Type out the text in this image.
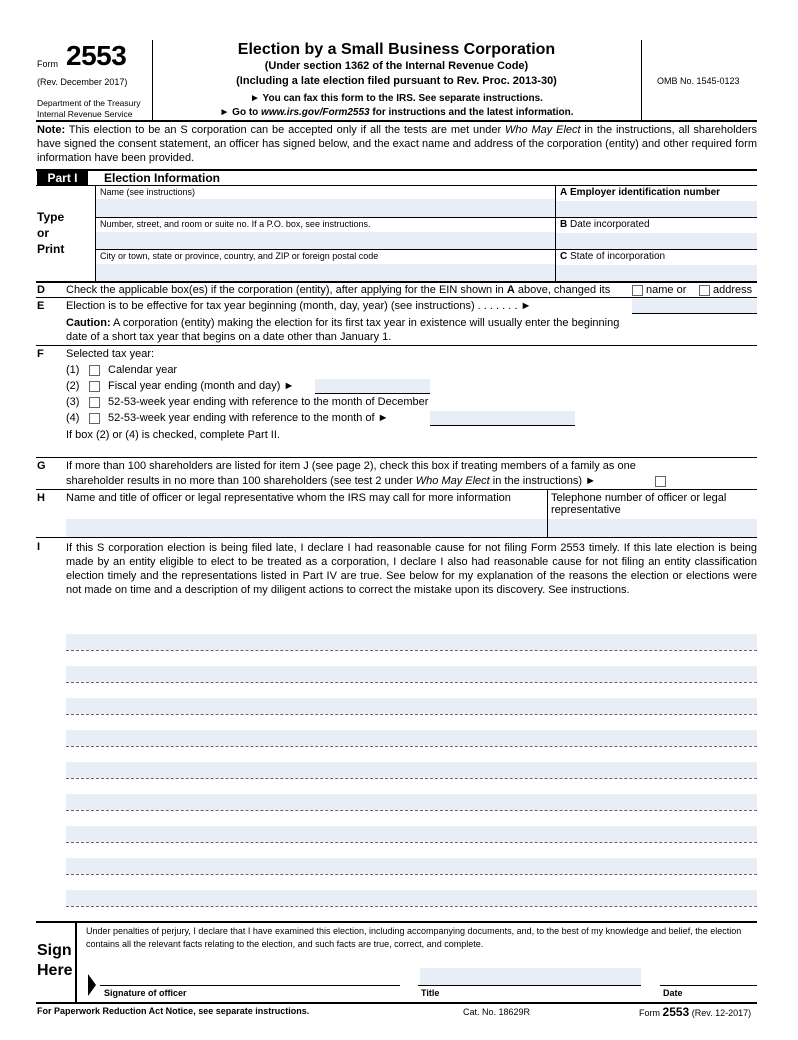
Form 2553
(Rev. December 2017)
Department of the Treasury
Internal Revenue Service
Election by a Small Business Corporation
(Under section 1362 of the Internal Revenue Code)
(Including a late election filed pursuant to Rev. Proc. 2013-30)
► You can fax this form to the IRS. See separate instructions.
► Go to www.irs.gov/Form2553 for instructions and the latest information.
OMB No. 1545-0123
Note: This election to be an S corporation can be accepted only if all the tests are met under Who May Elect in the instructions, all shareholders have signed the consent statement, an officer has signed below, and the exact name and address of the corporation (entity) and other required form information have been provided.
Part I	Election Information
Type
or
Print
Name (see instructions)
Number, street, and room or suite no. If a P.O. box, see instructions.
City or town, state or province, country, and ZIP or foreign postal code
A Employer identification number
B Date incorporated
C State of incorporation
D Check the applicable box(es) if the corporation (entity), after applying for the EIN shown in A above, changed its	name or address
E Election is to be effective for tax year beginning (month, day, year) (see instructions) . . . . . . . ►
Caution: A corporation (entity) making the election for its first tax year in existence will usually enter the beginning date of a short tax year that begins on a date other than January 1.
F Selected tax year:
(1)	Calendar year
(2)	Fiscal year ending (month and day) ►
(3)	52-53-week year ending with reference to the month of December
(4)	52-53-week year ending with reference to the month of ►
If box (2) or (4) is checked, complete Part II.
G If more than 100 shareholders are listed for item J (see page 2), check this box if treating members of a family as one
shareholder results in no more than 100 shareholders (see test 2 under Who May Elect in the instructions) ►
H Name and title of officer or legal representative whom the IRS may call for more information	Telephone number of officer or legal representative
I If this S corporation election is being filed late, I declare I had reasonable cause for not filing Form 2553 timely. If this late election is being made by an entity eligible to elect to be treated as a corporation, I declare I also had reasonable cause for not filing an entity classification election timely and the representations listed in Part IV are true. See below for my explanation of the reasons the election or elections were not made on time and a description of my diligent actions to correct the mistake upon its discovery. See instructions.
Sign
Here
Under penalties of perjury, I declare that I have examined this election, including accompanying documents, and, to the best of my knowledge and belief, the election contains all the relevant facts relating to the election, and such facts are true, correct, and complete.
Signature of officer	Title	Date
For Paperwork Reduction Act Notice, see separate instructions.	Cat. No. 18629R	Form 2553 (Rev. 12-2017)
